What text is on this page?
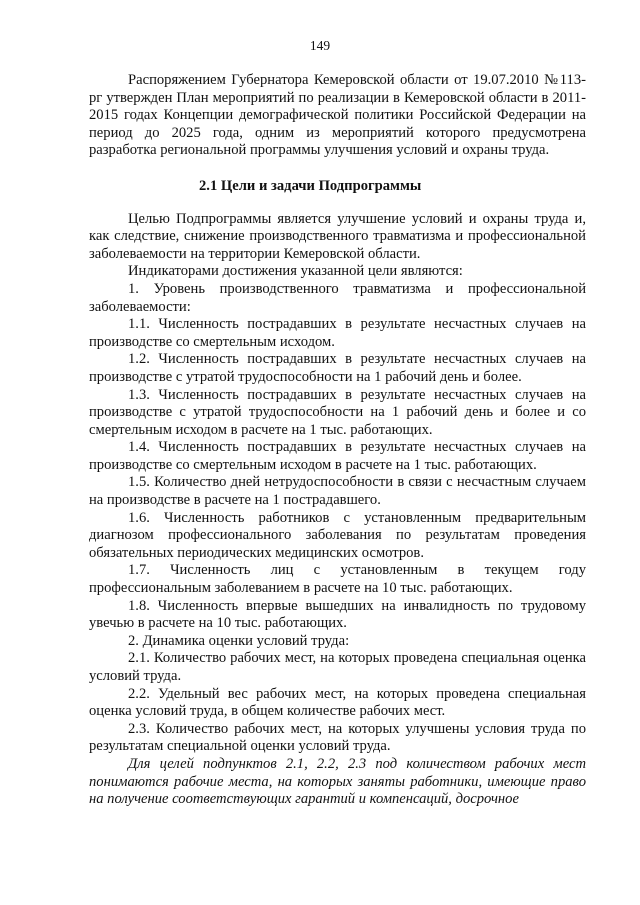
149

Распоряжением Губернатора Кемеровской области от 19.07.2010 №113-рг утвержден План мероприятий по реализации в Кемеровской области в 2011-2015 годах Концепции демографической политики Российской Федерации на период до 2025 года, одним из мероприятий которого предусмотрена разработка региональной программы улучшения условий и охраны труда.

2.1 Цели и задачи Подпрограммы

Целью Подпрограммы является улучшение условий и охраны труда и, как следствие, снижение производственного травматизма и профессиональной заболеваемости на территории Кемеровской области.

Индикаторами достижения указанной цели являются:

1. Уровень производственного травматизма и профессиональной заболеваемости:

1.1. Численность пострадавших в результате несчастных случаев на производстве со смертельным исходом.

1.2. Численность пострадавших в результате несчастных случаев на производстве с утратой трудоспособности на 1 рабочий день и более.

1.3. Численность пострадавших в результате несчастных случаев на производстве с утратой трудоспособности на 1 рабочий день и более и со смертельным исходом в расчете на 1 тыс. работающих.

1.4. Численность пострадавших в результате несчастных случаев на производстве со смертельным исходом в расчете на 1 тыс. работающих.

1.5. Количество дней нетрудоспособности в связи с несчастным случаем на производстве в расчете на 1 пострадавшего.

1.6. Численность работников с установленным предварительным диагнозом профессионального заболевания по результатам проведения обязательных периодических медицинских осмотров.

1.7. Численность лиц с установленным в текущем году профессиональным заболеванием в расчете на 10 тыс. работающих.

1.8. Численность впервые вышедших на инвалидность по трудовому увечью в расчете на 10 тыс. работающих.

2. Динамика оценки условий труда:

2.1. Количество рабочих мест, на которых проведена специальная оценка условий труда.

2.2. Удельный вес рабочих мест, на которых проведена специальная оценка условий труда, в общем количестве рабочих мест.

2.3. Количество рабочих мест, на которых улучшены условия труда по результатам специальной оценки условий труда.

Для целей подпунктов 2.1, 2.2, 2.3 под количеством рабочих мест понимаются рабочие места, на которых заняты работники, имеющие право на получение соответствующих гарантий и компенсаций, досрочное
